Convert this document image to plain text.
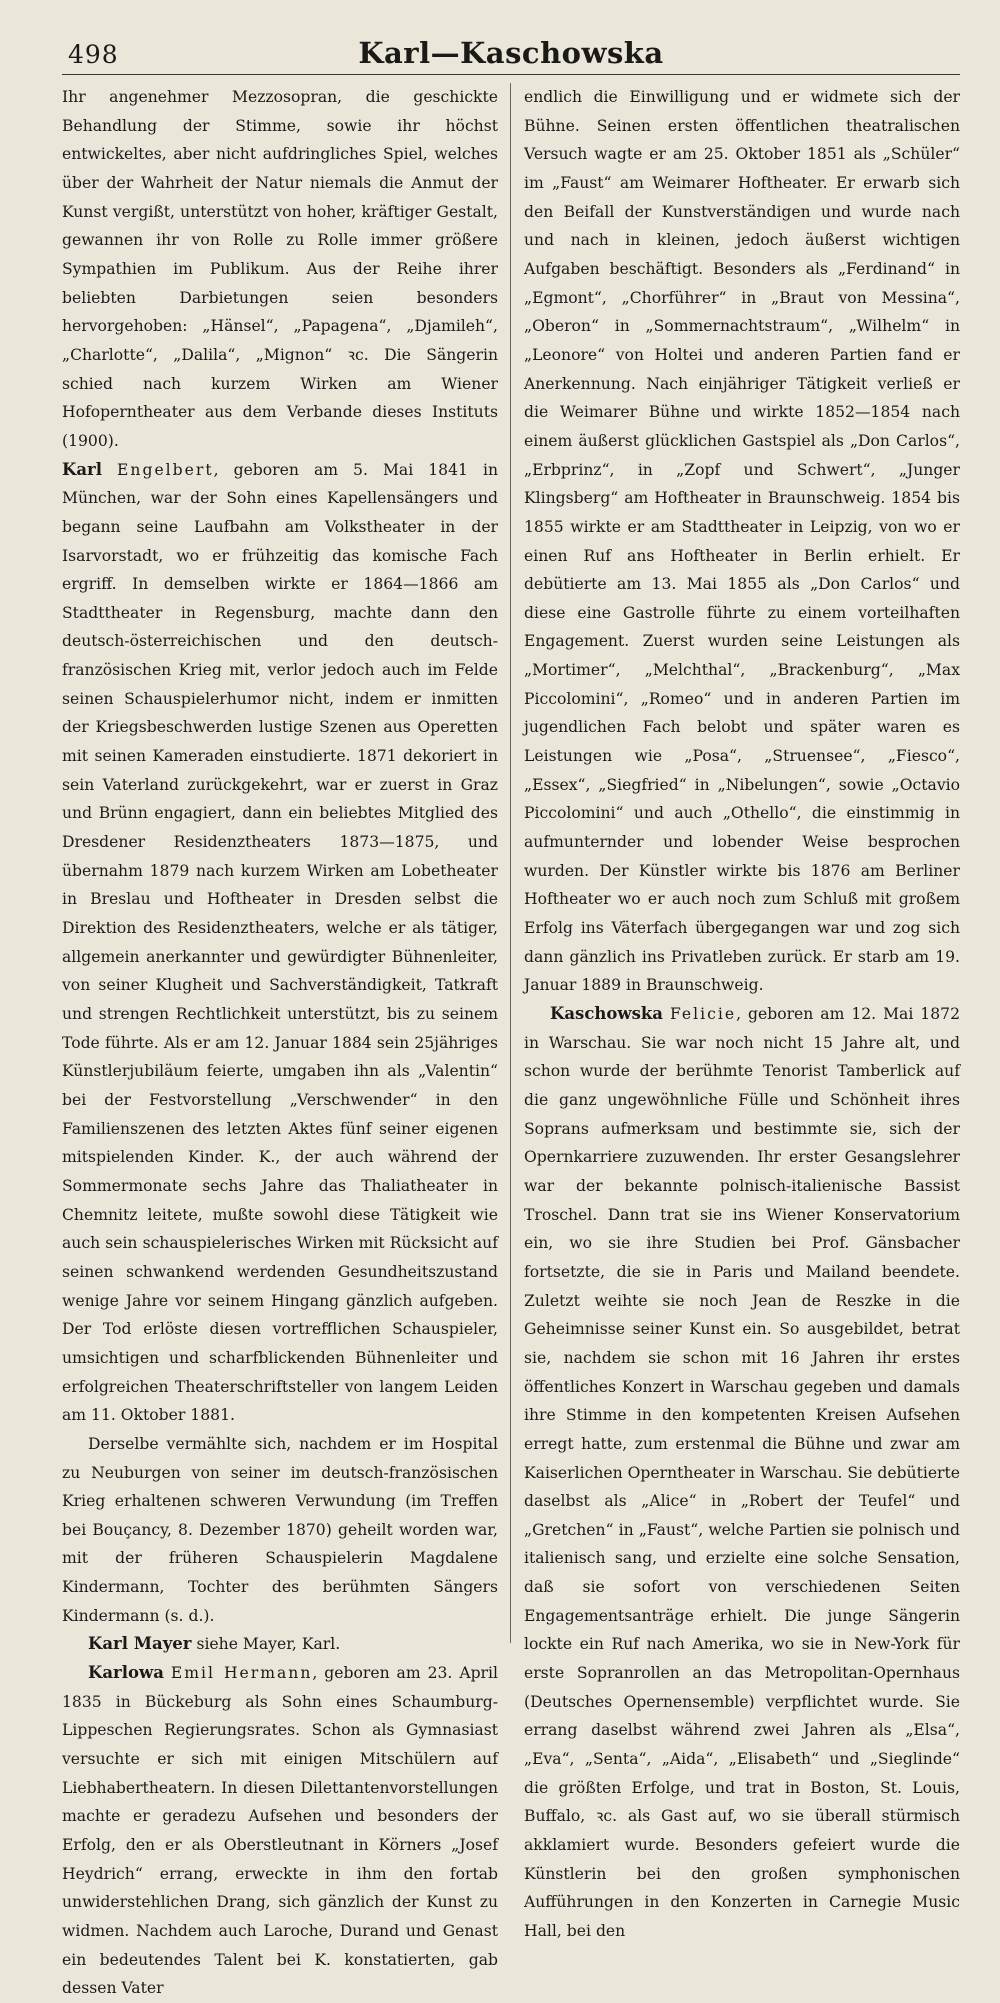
498	Karl—Kaschowska

Ihr angenehmer Mezzosopran, die geschickte Behandlung der Stimme, sowie ihr höchst entwickeltes, aber nicht aufdringliches Spiel, welches über der Wahrheit der Natur niemals die Anmut der Kunst vergißt, unterstützt von hoher, kräftiger Gestalt, gewannen ihr von Rolle zu Rolle immer größere Sympathien im Publikum. Aus der Reihe ihrer beliebten Darbietungen seien besonders hervorgehoben: „Hänsel“, „Papagena“, „Djamileh“, „Charlotte“, „Dalila“, „Mignon“ ꝛc. Die Sängerin schied nach kurzem Wirken am Wiener Hofoperntheater aus dem Verbande dieses Instituts (1900).

Karl Engelbert, geboren am 5. Mai 1841 in München, war der Sohn eines Kapellensängers und begann seine Laufbahn am Volkstheater in der Isarvorstadt, wo er frühzeitig das komische Fach ergriff. In demselben wirkte er 1864—1866 am Stadttheater in Regensburg, machte dann den deutsch-österreichischen und den deutsch-französischen Krieg mit, verlor jedoch auch im Felde seinen Schauspielerhumor nicht, indem er inmitten der Kriegsbeschwerden lustige Szenen aus Operetten mit seinen Kameraden einstudierte. 1871 dekoriert in sein Vaterland zurückgekehrt, war er zuerst in Graz und Brünn engagiert, dann ein beliebtes Mitglied des Dresdener Residenztheaters 1873—1875, und übernahm 1879 nach kurzem Wirken am Lobetheater in Breslau und Hoftheater in Dresden selbst die Direktion des Residenztheaters, welche er als tätiger, allgemein anerkannter und gewürdigter Bühnenleiter, von seiner Klugheit und Sachverständigkeit, Tatkraft und strengen Rechtlichkeit unterstützt, bis zu seinem Tode führte. Als er am 12. Januar 1884 sein 25jähriges Künstlerjubiläum feierte, umgaben ihn als „Valentin“ bei der Festvorstellung „Verschwender“ in den Familienszenen des letzten Aktes fünf seiner eigenen mitspielenden Kinder. K., der auch während der Sommermonate sechs Jahre das Thaliatheater in Chemnitz leitete, mußte sowohl diese Tätigkeit wie auch sein schauspielerisches Wirken mit Rücksicht auf seinen schwankend werdenden Gesundheitszustand wenige Jahre vor seinem Hingang gänzlich aufgeben. Der Tod erlöste diesen vortrefflichen Schauspieler, umsichtigen und scharfblickenden Bühnenleiter und erfolgreichen Theaterschriftsteller von langem Leiden am 11. Oktober 1881.

Derselbe vermählte sich, nachdem er im Hospital zu Neuburgen von seiner im deutsch-französischen Krieg erhaltenen schweren Verwundung (im Treffen bei Bouçancy, 8. Dezember 1870) geheilt worden war, mit der früheren Schauspielerin Magdalene Kindermann, Tochter des berühmten Sängers Kindermann (s. d.).

Karl Mayer siehe Mayer, Karl.

Karlowa Emil Hermann, geboren am 23. April 1835 in Bückeburg als Sohn eines Schaumburg-Lippeschen Regierungsrates. Schon als Gymnasiast versuchte er sich mit einigen Mitschülern auf Liebhabertheatern. In diesen Dilettantenvorstellungen machte er geradezu Aufsehen und besonders der Erfolg, den er als Oberstleutnant in Körners „Josef Heydrich“ errang, erweckte in ihm den fortab unwiderstehlichen Drang, sich gänzlich der Kunst zu widmen. Nachdem auch Laroche, Durand und Genast ein bedeutendes Talent bei K. konstatierten, gab dessen Vater

endlich die Einwilligung und er widmete sich der Bühne. Seinen ersten öffentlichen theatralischen Versuch wagte er am 25. Oktober 1851 als „Schüler“ im „Faust“ am Weimarer Hoftheater. Er erwarb sich den Beifall der Kunstverständigen und wurde nach und nach in kleinen, jedoch äußerst wichtigen Aufgaben beschäftigt. Besonders als „Ferdinand“ in „Egmont“, „Chorführer“ in „Braut von Messina“, „Oberon“ in „Sommernachtstraum“, „Wilhelm“ in „Leonore“ von Holtei und anderen Partien fand er Anerkennung. Nach einjähriger Tätigkeit verließ er die Weimarer Bühne und wirkte 1852—1854 nach einem äußerst glücklichen Gastspiel als „Don Carlos“, „Erbprinz“, in „Zopf und Schwert“, „Junger Klingsberg“ am Hoftheater in Braunschweig. 1854 bis 1855 wirkte er am Stadttheater in Leipzig, von wo er einen Ruf ans Hoftheater in Berlin erhielt. Er debütierte am 13. Mai 1855 als „Don Carlos“ und diese eine Gastrolle führte zu einem vorteilhaften Engagement. Zuerst wurden seine Leistungen als „Mortimer“, „Melchthal“, „Brackenburg“, „Max Piccolomini“, „Romeo“ und in anderen Partien im jugendlichen Fach belobt und später waren es Leistungen wie „Posa“, „Struensee“, „Fiesco“, „Essex“, „Siegfried“ in „Nibelungen“, sowie „Octavio Piccolomini“ und auch „Othello“, die einstimmig in aufmunternder und lobender Weise besprochen wurden. Der Künstler wirkte bis 1876 am Berliner Hoftheater wo er auch noch zum Schluß mit großem Erfolg ins Väterfach übergegangen war und zog sich dann gänzlich ins Privatleben zurück. Er starb am 19. Januar 1889 in Braunschweig.

Kaschowska Felicie, geboren am 12. Mai 1872 in Warschau. Sie war noch nicht 15 Jahre alt, und schon wurde der berühmte Tenorist Tamberlick auf die ganz ungewöhnliche Fülle und Schönheit ihres Soprans aufmerksam und bestimmte sie, sich der Opernkarriere zuzuwenden. Ihr erster Gesangslehrer war der bekannte polnisch-italienische Bassist Troschel. Dann trat sie ins Wiener Konservatorium ein, wo sie ihre Studien bei Prof. Gänsbacher fortsetzte, die sie in Paris und Mailand beendete. Zuletzt weihte sie noch Jean de Reszke in die Geheimnisse seiner Kunst ein. So ausgebildet, betrat sie, nachdem sie schon mit 16 Jahren ihr erstes öffentliches Konzert in Warschau gegeben und damals ihre Stimme in den kompetenten Kreisen Aufsehen erregt hatte, zum erstenmal die Bühne und zwar am Kaiserlichen Operntheater in Warschau. Sie debütierte daselbst als „Alice“ in „Robert der Teufel“ und „Gretchen“ in „Faust“, welche Partien sie polnisch und italienisch sang, und erzielte eine solche Sensation, daß sie sofort von verschiedenen Seiten Engagementsanträge erhielt. Die junge Sängerin lockte ein Ruf nach Amerika, wo sie in New-York für erste Sopranrollen an das Metropolitan-Opernhaus (Deutsches Opernensemble) verpflichtet wurde. Sie errang daselbst während zwei Jahren als „Elsa“, „Eva“, „Senta“, „Aida“, „Elisabeth“ und „Sieglinde“ die größten Erfolge, und trat in Boston, St. Louis, Buffalo, ꝛc. als Gast auf, wo sie überall stürmisch akklamiert wurde. Besonders gefeiert wurde die Künstlerin bei den großen symphonischen Aufführungen in den Konzerten in Carnegie Music Hall, bei den
